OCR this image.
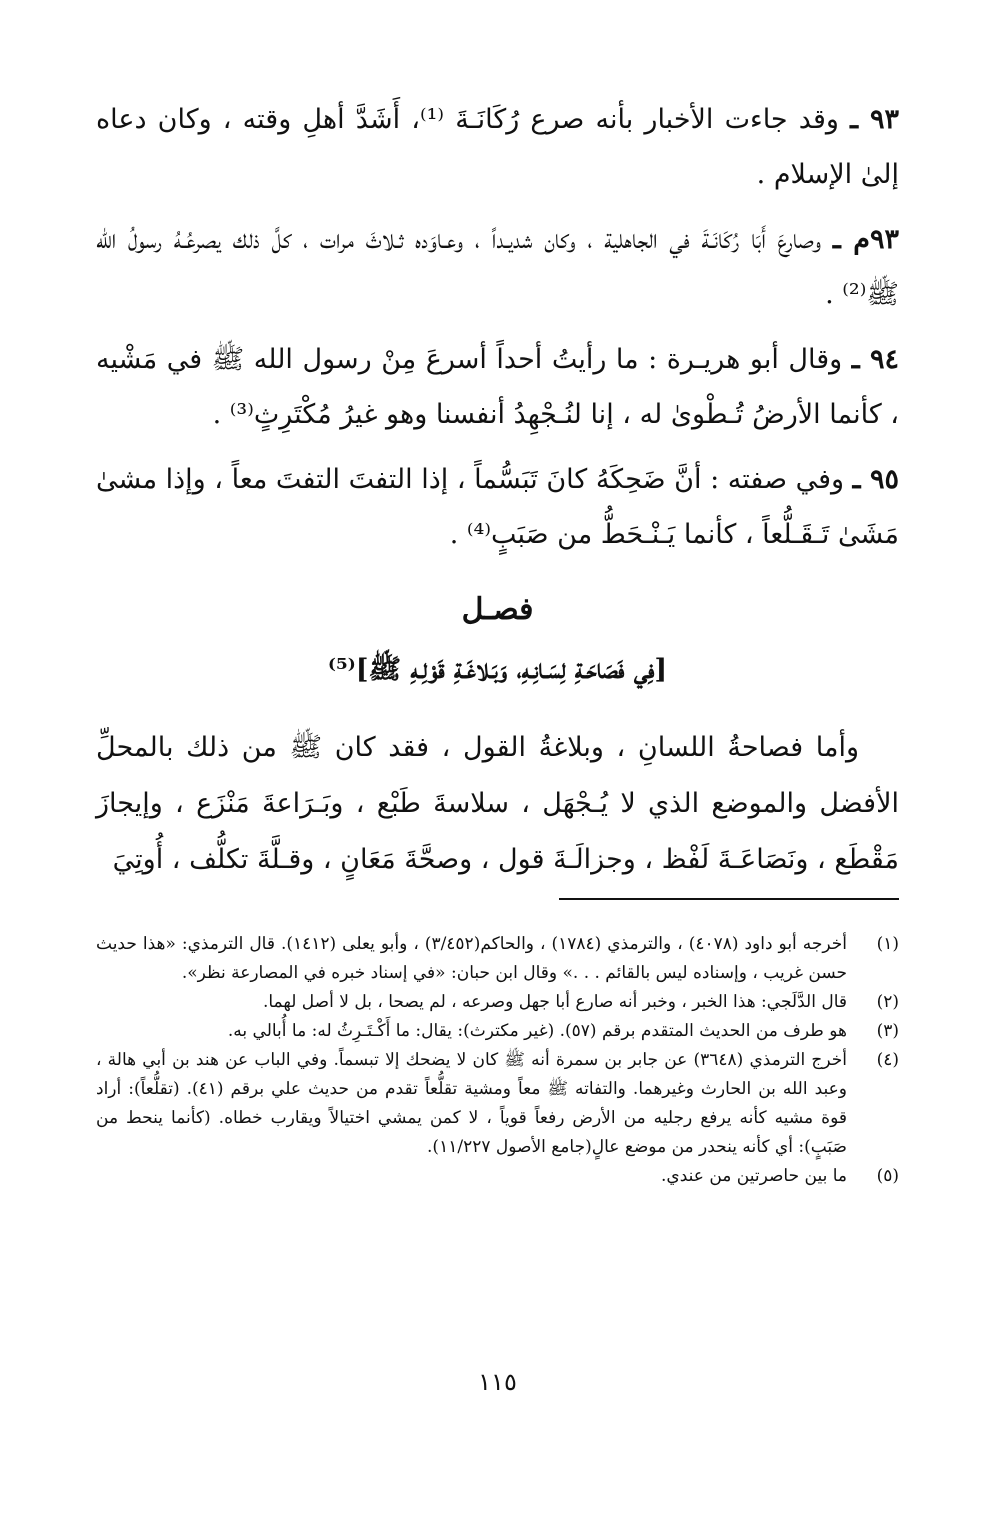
٩٣ ـ وقد جاءت الأخبار بأنه صرع رُكَانَـةَ ⁽¹⁾، أَشَدَّ أهلِ وقته ، وكان دعاه إلىٰ الإسلام .

٩٣م ـ وصارعَ أَبَا رُكَانَـةَ في الجاهلية ، وكان شديـداً ، وعـاوَده ثـلاثَ مرات ، كلَّ ذلك يصرعُـهُ رسولُ الله ﷺ⁽²⁾ .

٩٤ ـ وقال أبو هريـرة : ما رأيتُ أحداً أسرعَ مِنْ رسول الله ﷺ في مَشْيه ، كأنما الأرضُ تُـطْوىٰ له ، إنا لنُـجْهِدُ أنفسنا وهو غيرُ مُكْتَرِثٍ⁽³⁾ .

٩٥ ـ وفي صفته : أنَّ ضَحِكَهُ كانَ تَبَسُّماً ، إذا التفتَ التفتَ معاً ، وإذا مشىٰ مَشَىٰ تَـقَـلُّعاً ، كأنما يَـنْـحَطُّ من صَبَبٍ⁽⁴⁾ .

فصـل
[فِي فَصَاحَـةِ لِسَـانِـهِ، وَبَـلاغَـةِ قَوْلِـهِ ﷺ]⁽⁵⁾
وأما فصاحةُ اللسانِ ، وبلاغةُ القول ، فقد كان ﷺ من ذلك بالمحلِّ الأفضل والموضع الذي لا يُـجْهَل ، سلاسةَ طَبْع ، وبَـرَاعةَ مَنْزَع ، وإيجازَ مَقْطَع ، ونَصَاعَـةَ لَفْظ ، وجزالَـةَ قول ، وصحَّةَ مَعَانٍ ، وقـلَّةَ تكلُّف ، أُوتِيَ
(١)
أخرجه أبو داود (٤٠٧٨) ، والترمذي (١٧٨٤) ، والحاكم(٣/٤٥٢) ، وأبو يعلى (١٤١٢). قال الترمذي: «هذا حديث حسن غريب ، وإسناده ليس بالقائم . . .» وقال ابن حبان: «في إسناد خبره في المصارعة نظر».
(٢)
قال الدَّلَجي: هذا الخبر ، وخبر أنه صارع أبا جهل وصرعه ، لم يصحا ، بل لا أصل لهما.
(٣)
هو طرف من الحديث المتقدم برقم (٥٧). (غير مكترث): يقال: ما أَكْـتَـرِثُ له: ما أُبالي به.
(٤)
أخرج الترمذي (٣٦٤٨) عن جابر بن سمرة أنه ﷺ كان لا يضحك إلا تبسماً. وفي الباب عن هند بن أبي هالة ، وعبد الله بن الحارث وغيرهما. والتفاته ﷺ معاً ومشية تقلُّعاً تقدم من حديث علي برقم (٤١). (تقلُّعاً): أراد قوة مشيه كأنه يرفع رجليه من الأرض رفعاً قوياً ، لا كمن يمشي اختيالاً ويقارب خطاه. (كأنما ينحط من صَبَبٍ): أي كأنه ينحدر من موضع عالٍ(جامع الأصول ١١/٢٢٧).
(٥)
ما بين حاصرتين من عندي.
١١٥
